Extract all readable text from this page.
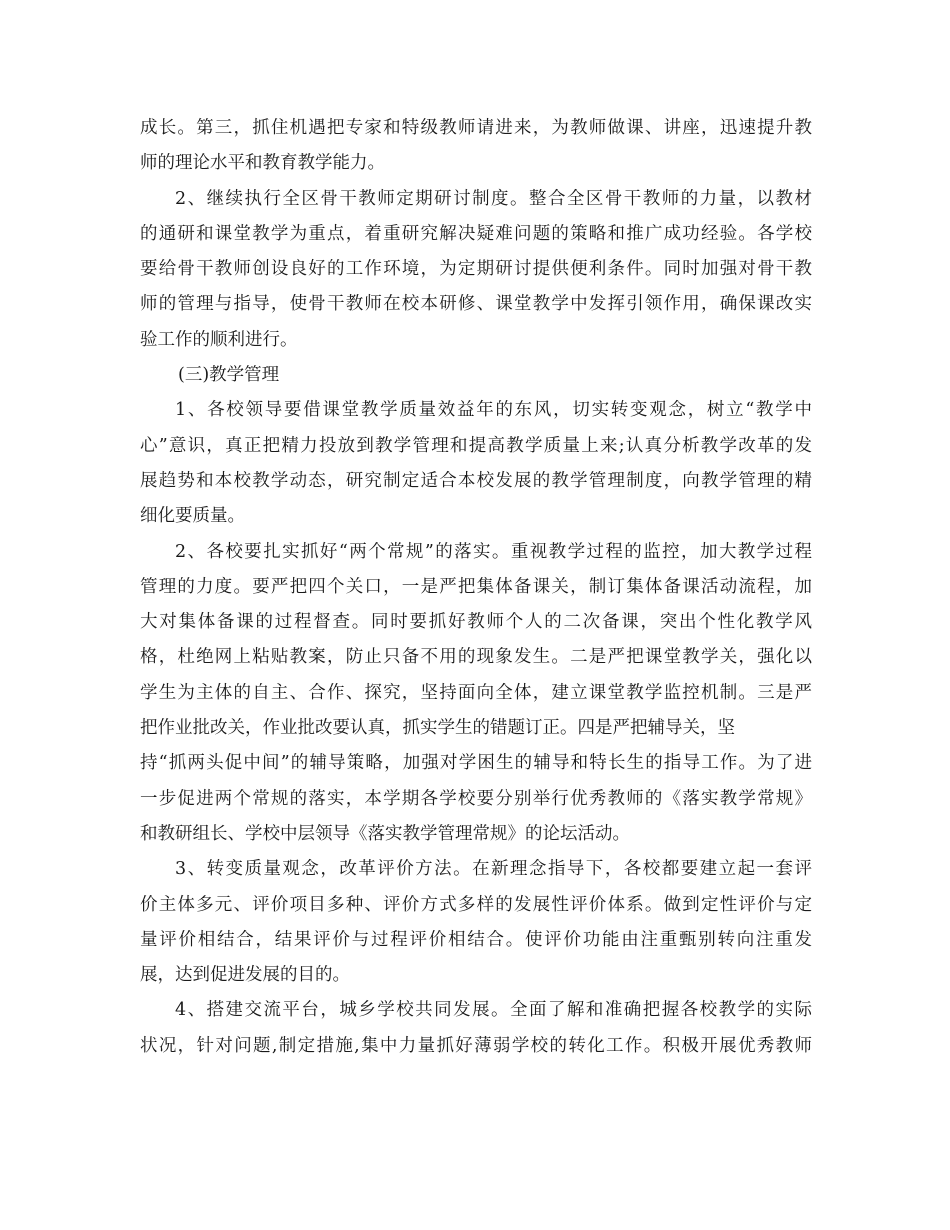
成长。第三，抓住机遇把专家和特级教师请进来，为教师做课、讲座，迅速提升教
师的理论水平和教育教学能力。
2、继续执行全区骨干教师定期研讨制度。整合全区骨干教师的力量，以教材
的通研和课堂教学为重点，着重研究解决疑难问题的策略和推广成功经验。各学校
要给骨干教师创设良好的工作环境，为定期研讨提供便利条件。同时加强对骨干教
师的管理与指导，使骨干教师在校本研修、课堂教学中发挥引领作用，确保课改实
验工作的顺利进行。
(三)教学管理
1、各校领导要借课堂教学质量效益年的东风，切实转变观念，树立“教学中
心”意识，真正把精力投放到教学管理和提高教学质量上来;认真分析教学改革的发
展趋势和本校教学动态，研究制定适合本校发展的教学管理制度，向教学管理的精
细化要质量。
2、各校要扎实抓好“两个常规”的落实。重视教学过程的监控，加大教学过程
管理的力度。要严把四个关口，一是严把集体备课关，制订集体备课活动流程，加
大对集体备课的过程督查。同时要抓好教师个人的二次备课，突出个性化教学风
格，杜绝网上粘贴教案，防止只备不用的现象发生。二是严把课堂教学关，强化以
学生为主体的自主、合作、探究，坚持面向全体，建立课堂教学监控机制。三是严
把作业批改关，作业批改要认真，抓实学生的错题订正。四是严把辅导关，坚
持“抓两头促中间”的辅导策略，加强对学困生的辅导和特长生的指导工作。为了进
一步促进两个常规的落实，本学期各学校要分别举行优秀教师的《落实教学常规》
和教研组长、学校中层领导《落实教学管理常规》的论坛活动。
3、转变质量观念，改革评价方法。在新理念指导下，各校都要建立起一套评
价主体多元、评价项目多种、评价方式多样的发展性评价体系。做到定性评价与定
量评价相结合，结果评价与过程评价相结合。使评价功能由注重甄别转向注重发
展，达到促进发展的目的。
4、搭建交流平台，城乡学校共同发展。全面了解和准确把握各校教学的实际
状况，针对问题,制定措施,集中力量抓好薄弱学校的转化工作。积极开展优秀教师
